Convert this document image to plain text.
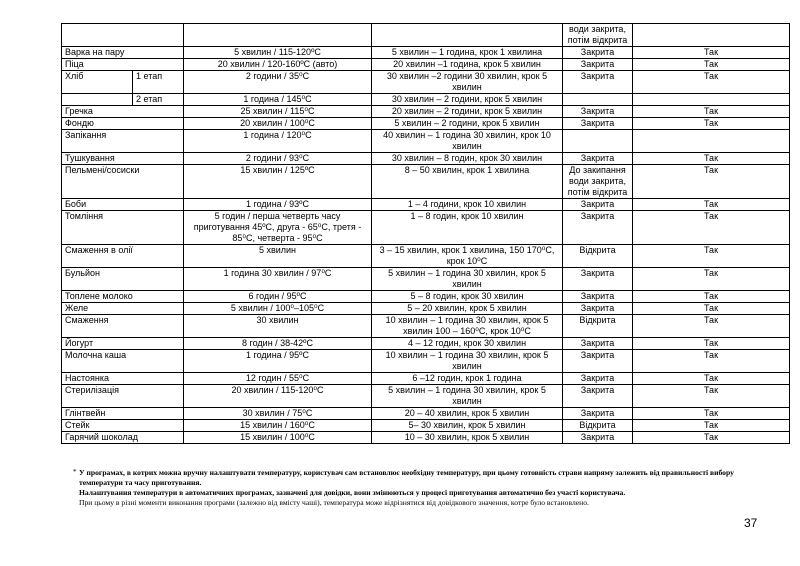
				води закрита,
потім відкрита	
Варка на пару		5 хвилин / 115-120ºC	5 хвилин – 1 година, крок 1 хвилина	Закрита	Так
Піца		20 хвилин / 120-160ºC (авто)	20 хвилин –1 година, крок 5 хвилин	Закрита	Так
Хліб	1 етап	2 години / 35⁰C	30 хвилин –2 години 30 хвилин, крок 5 хвилин	Закрита	Так
	2 етап	1 година / 145⁰C	30 хвилин – 2 години, крок 5 хвилин		
Гречка		25 хвилин / 115⁰C	20 хвилин – 2 години, крок 5 хвилин	Закрита	Так
Фондю		20 хвилин / 100⁰C	5 хвилин – 2 години, крок 5 хвилин	Закрита	Так
Запікання		1 година / 120⁰C	40 хвилин – 1 година 30 хвилин, крок 10 хвилин		
Тушкування		2 години / 93⁰C	30 хвилин – 8 годин, крок 30 хвилин	Закрита	Так
Пельмені/сосиски		15 хвилин / 125ºC	8 – 50 хвилин, крок 1 хвилина	До закипання
води закрита,
потім відкрита	Так
Боби		1 година / 93ºC	1 – 4 години, крок 10 хвилин	Закрита	Так
Томління		5 годин / перша четверть часу приготування 45ºC, друга - 65⁰C, третя - 85⁰C, четверта - 95⁰C	1 – 8 годин, крок 10 хвилин	Закрита	Так
Смаження в олії		5 хвилин	3 – 15 хвилин, крок 1 хвилина, 150 170⁰C, крок 10⁰C	Відкрита	Так
Бульйон		1 година 30 хвилин / 97⁰C	5 хвилин – 1 година 30 хвилин, крок 5 хвилин	Закрита	Так
Топлене молоко		6 годин / 95ºC	5 – 8 годин, крок 30 хвилин	Закрита	Так
Желе		5 хвилин / 100⁰–105⁰C	5 – 20 хвилин, крок 5 хвилин	Закрита	Так
Смаження		30 хвилин	10 хвилин – 1 година 30 хвилин, крок 5 хвилин 100 – 160⁰C, крок 10⁰C	Відкрита	Так
Йогурт		8 годин / 38-42ºC	4 – 12 годин, крок 30 хвилин	Закрита	Так
Молочна каша		1 година / 95ºC	10 хвилин – 1 година 30 хвилин, крок 5 хвилин	Закрита	Так
Настоянка		12 годин / 55⁰C	6 –12 годин, крок 1 година	Закрита	Так
Стерилізація		20 хвилин / 115-120⁰C	5 хвилин – 1 година 30 хвилин, крок 5 хвилин	Закрита	Так
Глінтвейн		30 хвилин / 75⁰C	20 – 40 хвилин, крок 5 хвилин	Закрита	Так
Стейк		15 хвилин / 160⁰C	5– 30 хвилин, крок 5 хвилин	Відкрита	Так
Гарячий шоколад		15 хвилин / 100⁰C	10 – 30 хвилин, крок 5 хвилин	Закрита	Так
* У програмах, в котрих можна вручну налаштувати температуру, користувач сам встановлює необхідну температуру, при цьому готовність страви напряму залежить від правильності вибору температури та часу приготування.

Налаштування температури в автоматичних програмах, зазначені для довідки, вони змінюються у процесі приготування автоматично без участі користувача.

При цьому в різні моменти виконання програми (залежно від вмісту чаші), температура може відрізнятися від довідкового значення, котре було встановлено.

37
